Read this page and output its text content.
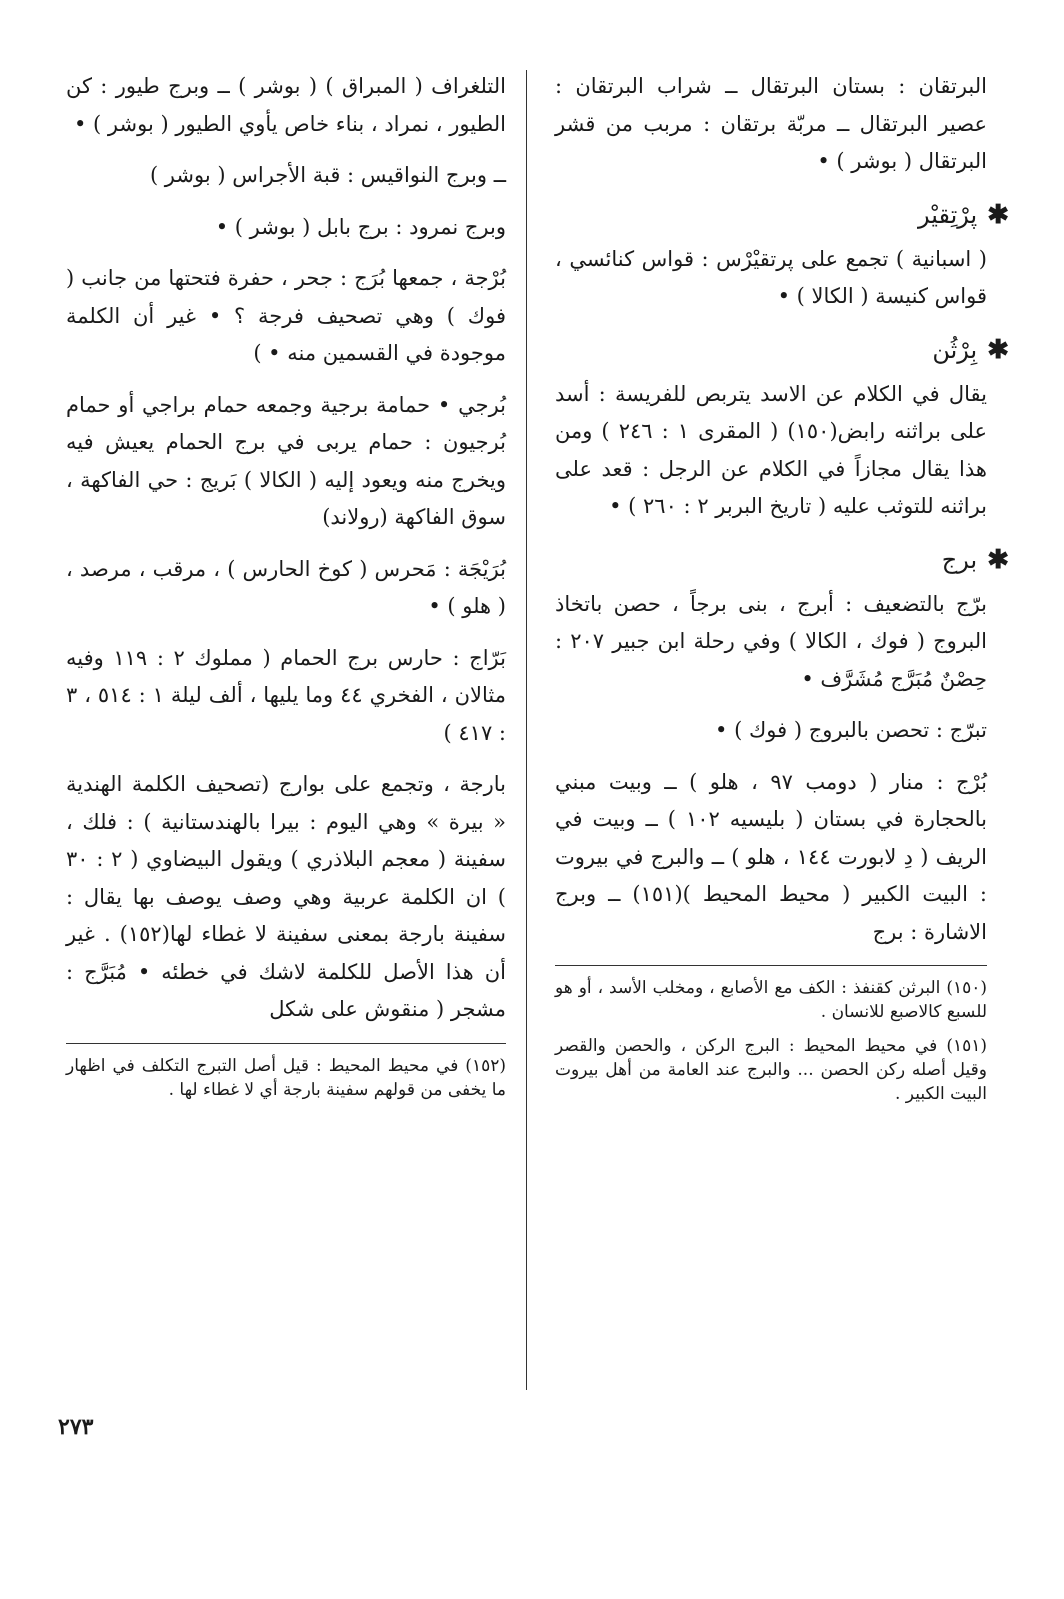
البرتقان : بستان البرتقال ــ شراب البرتقان : عصير البرتقال ــ مربّة برتقان : مربب من قشر البرتقال ( بوشر ) •

✱
پرْتِقيْر

( اسبانية ) تجمع على پرتقيْرْس : قواس كنائسي ، قواس كنيسة ( الكالا ) •

✱
بِرْثُن

يقال في الكلام عن الاسد يتربص للفريسة : أسد على براثنه رابض(١٥٠) ( المقرى ١ : ٢٤٦ ) ومن هذا يقال مجازاً في الكلام عن الرجل : قعد على براثنه للتوثب عليه ( تاريخ البربر ٢ : ٢٦٠ ) •

✱
برج

برّج بالتضعيف : أبرج ، بنى برجاً ، حصن باتخاذ البروج ( فوك ، الكالا ) وفي رحلة ابن جبير ٢٠٧ : حِصْنٌ مُبَرَّج مُشَرَّف •

تبرّج : تحصن بالبروج ( فوك ) •

بُرْج : منار ( دومب ٩٧ ، هلو ) ــ وبيت مبني بالحجارة في بستان ( بليسيه ١٠٢ ) ــ وبيت في الريف ( دِ لابورت ١٤٤ ، هلو ) ــ والبرج في بيروت : البيت الكبير ( محيط المحيط )(١٥١) ــ وبرج الاشارة : برج

(١٥٠) البرثن كقنفذ : الكف مع الأصابع ، ومخلب الأسد ، أو هو للسبع كالاصبع للانسان .

(١٥١) في محيط المحيط : البرج الركن ، والحصن والقصر وقيل أصله ركن الحصن ... والبرج عند العامة من أهل بيروت البيت الكبير .

التلغراف ( المبراق ) ( بوشر ) ــ وبرج طيور : كن الطيور ، نمراد ، بناء خاص يأوي الطيور ( بوشر ) •

ــ وبرج النواقيس : قبة الأجراس ( بوشر )

وبرج نمرود : برج بابل ( بوشر ) •

بُرْجة ، جمعها بُرَج : جحر ، حفرة فتحتها من جانب ( فوك ) وهي تصحيف فرجة ؟ • غير أن الكلمة موجودة في القسمين منه • )

بُرجي • حمامة برجية وجمعه حمام براجي أو حمام بُرجيون : حمام يربى في برج الحمام يعيش فيه ويخرج منه ويعود إليه ( الكالا ) بَريج : حي الفاكهة ، سوق الفاكهة (رولاند)

بُرَيْجَة : مَحرس ( كوخ الحارس ) ، مرقب ، مرصد ، ( هلو ) •

بَرّاج : حارس برج الحمام ( مملوك ٢ : ١١٩ وفيه مثالان ، الفخري ٤٤ وما يليها ، ألف ليلة ١ : ٥١٤ ، ٣ : ٤١٧ )

بارجة ، وتجمع على بوارج (تصحيف الكلمة الهندية « بيرة » وهي اليوم : بيرا بالهندستانية ) : فلك ، سفينة ( معجم البلاذري ) ويقول البيضاوي ( ٢ : ٣٠ ) ان الكلمة عربية وهي وصف يوصف بها يقال : سفينة بارجة بمعنى سفينة لا غطاء لها(١٥٢) . غير أن هذا الأصل للكلمة لاشك في خطئه • مُبَرَّج : مشجر ( منقوش على شكل

(١٥٢) في محيط المحيط : قيل أصل التبرج التكلف في اظهار ما يخفى من قولهم سفينة بارجة أي لا غطاء لها .

٢٧٣
